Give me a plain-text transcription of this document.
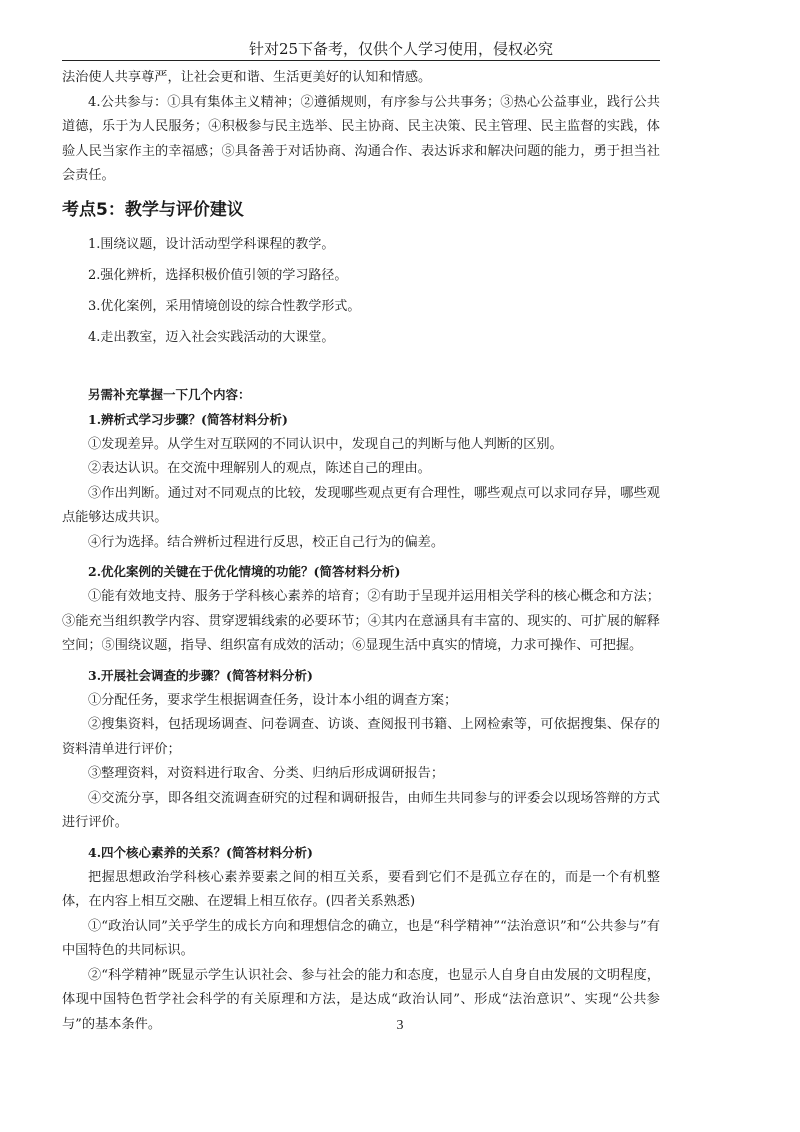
针对25下备考，仅供个人学习使用，侵权必究

法治使人共享尊严，让社会更和谐、生活更美好的认知和情感。

4.公共参与：①具有集体主义精神；②遵循规则，有序参与公共事务；③热心公益事业，践行公共道德，乐于为人民服务；④积极参与民主选举、民主协商、民主决策、民主管理、民主监督的实践，体验人民当家作主的幸福感；⑤具备善于对话协商、沟通合作、表达诉求和解决问题的能力，勇于担当社会责任。

考点5：教学与评价建议
1.围绕议题，设计活动型学科课程的教学。
2.强化辨析，选择积极价值引领的学习路径。
3.优化案例，采用情境创设的综合性教学形式。
4.走出教室，迈入社会实践活动的大课堂。
另需补充掌握一下几个内容：
1.辨析式学习步骤？(简答材料分析)

①发现差异。从学生对互联网的不同认识中，发现自己的判断与他人判断的区别。

②表达认识。在交流中理解别人的观点，陈述自己的理由。

③作出判断。通过对不同观点的比较，发现哪些观点更有合理性，哪些观点可以求同存异，哪些观点能够达成共识。

④行为选择。结合辨析过程进行反思，校正自己行为的偏差。

2.优化案例的关键在于优化情境的功能？(简答材料分析)

①能有效地支持、服务于学科核心素养的培育；②有助于呈现并运用相关学科的核心概念和方法；③能充当组织教学内容、贯穿逻辑线索的必要环节；④其内在意涵具有丰富的、现实的、可扩展的解释空间；⑤围绕议题，指导、组织富有成效的活动；⑥显现生活中真实的情境，力求可操作、可把握。

3.开展社会调查的步骤？(简答材料分析)

①分配任务，要求学生根据调查任务，设计本小组的调查方案；

②搜集资料，包括现场调查、问卷调查、访谈、查阅报刊书籍、上网检索等，可依据搜集、保存的资料清单进行评价；

③整理资料，对资料进行取舍、分类、归纳后形成调研报告；

④交流分享，即各组交流调查研究的过程和调研报告，由师生共同参与的评委会以现场答辩的方式进行评价。

4.四个核心素养的关系？(简答材料分析)

把握思想政治学科核心素养要素之间的相互关系，要看到它们不是孤立存在的，而是一个有机整体，在内容上相互交融、在逻辑上相互依存。(四者关系熟悉)

①“政治认同”关乎学生的成长方向和理想信念的确立，也是“科学精神”“法治意识”和“公共参与”有中国特色的共同标识。

②“科学精神”既显示学生认识社会、参与社会的能力和态度，也显示人自身自由发展的文明程度，体现中国特色哲学社会科学的有关原理和方法，是达成“政治认同”、形成“法治意识”、实现“公共参与”的基本条件。	3
